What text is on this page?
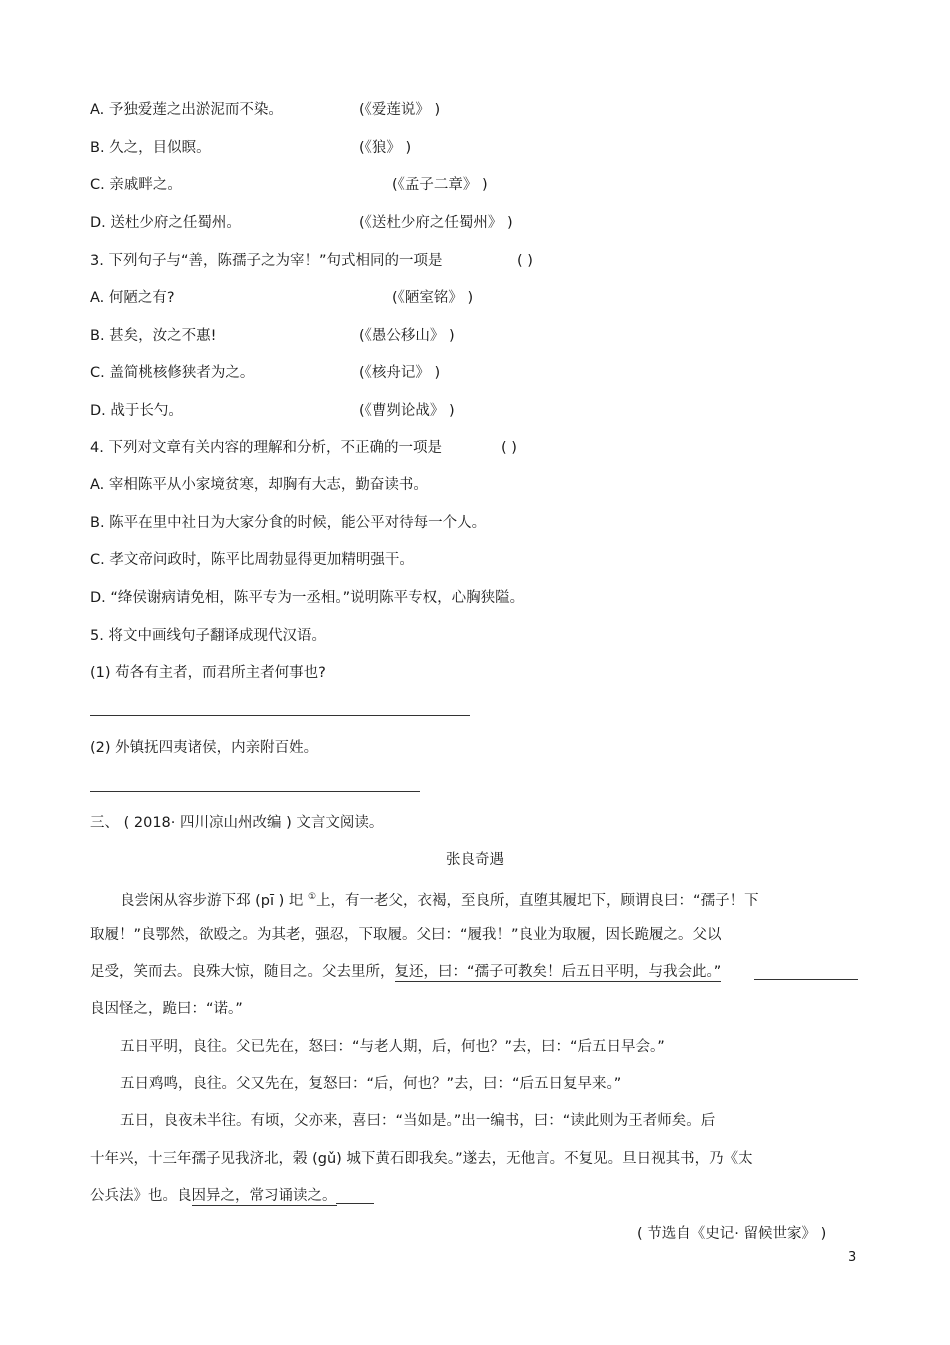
A. 予独爱莲之出淤泥而不染。	(《爱莲说》 )
B. 久之，目似瞑。	(《狼》 )
C. 亲戚畔之。	(《孟子二章》 )
D. 送杜少府之任蜀州。	(《送杜少府之任蜀州》 )
3. 下列句子与“善，陈孺子之为宰！”句式相同的一项是	( )
A. 何陋之有?	(《陋室铭》 )
B. 甚矣，汝之不惠!	(《愚公移山》 )
C. 盖简桃核修狭者为之。	(《核舟记》 )
D. 战于长勺。	(《曹刿论战》 )
4. 下列对文章有关内容的理解和分析，不正确的一项是	( )
A. 宰相陈平从小家境贫寒，却胸有大志，勤奋读书。
B. 陈平在里中社日为大家分食的时候，能公平对待每一个人。
C. 孝文帝问政时，陈平比周勃显得更加精明强干。
D. “绛侯谢病请免相，陈平专为一丞相。”说明陈平专权，心胸狭隘。
5. 将文中画线句子翻译成现代汉语。
(1) 苟各有主者，而君所主者何事也?
(2) 外镇抚四夷诸侯，内亲附百姓。
三、 ( 2018· 四川凉山州改编 ) 文言文阅读。
张良奇遇
良尝闲从容步游下邳 (pī ) 圯 ①上，有一老父，衣褐，至良所，直堕其履圯下，顾谓良曰：“孺子！下
取履！”良鄂然，欲殴之。为其老，强忍，下取履。父曰：“履我！”良业为取履，因长跪履之。父以
足受，笑而去。良殊大惊，随目之。父去里所，复还，曰：“孺子可教矣！后五日平明，与我会此。”
良因怪之，跪曰：“诺。”
五日平明，良往。父已先在，怒曰：“与老人期，后，何也？”去，曰：“后五日早会。”
五日鸡鸣，良往。父又先在，复怒曰：“后，何也？”去，曰：“后五日复早来。”
五日，良夜未半往。有顷，父亦来，喜曰：“当如是。”出一编书，曰：“读此则为王者师矣。后
十年兴，十三年孺子见我济北，榖 (gǔ) 城下黄石即我矣。”遂去，无他言。不复见。旦日视其书，乃《太
公兵法》也。良因异之，常习诵读之。
( 节选自《史记· 留候世家》 )
3
